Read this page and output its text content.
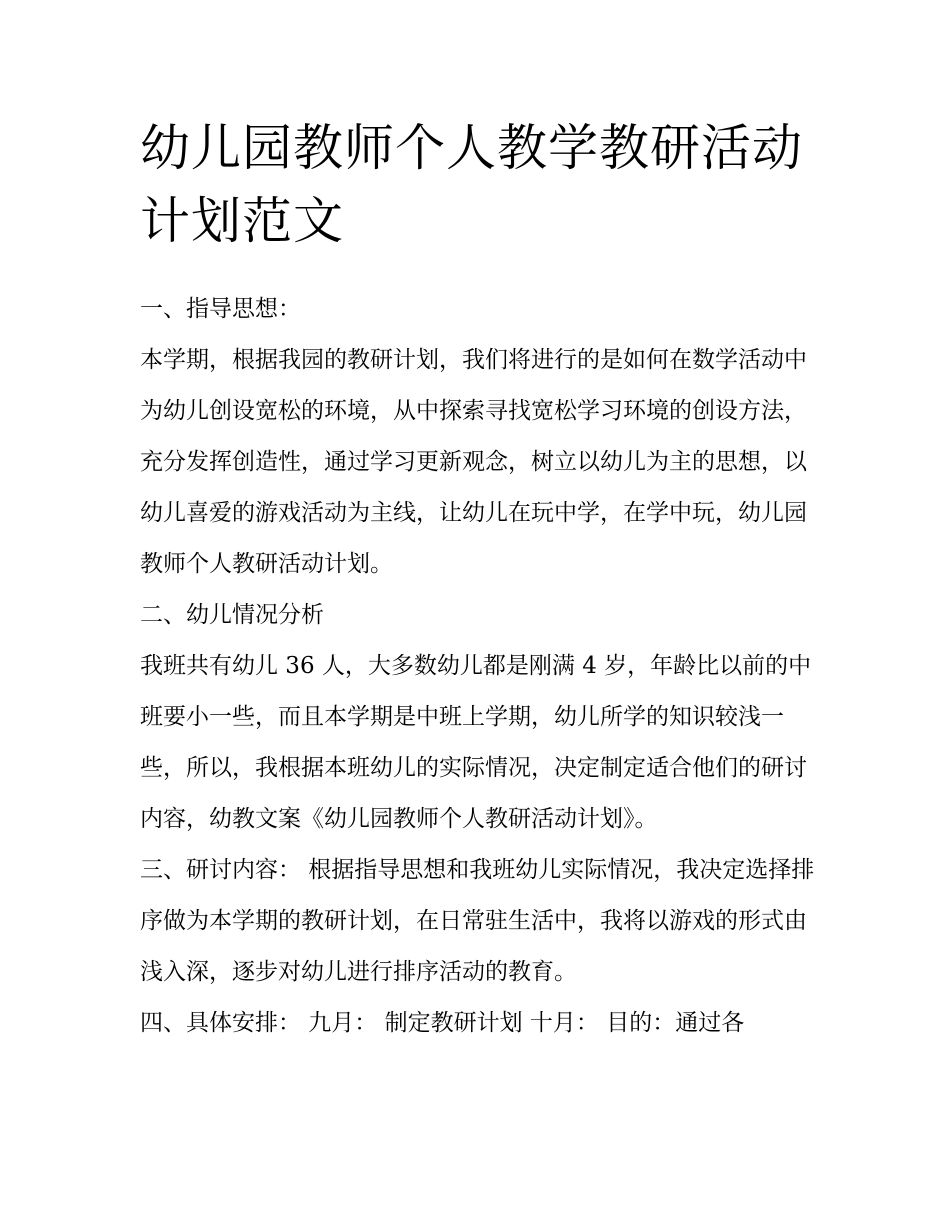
幼儿园教师个人教学教研活动计划范文

一、指导思想：

本学期，根据我园的教研计划，我们将进行的是如何在数学活动中为幼儿创设宽松的环境，从中探索寻找宽松学习环境的创设方法，充分发挥创造性，通过学习更新观念，树立以幼儿为主的思想，以幼儿喜爱的游戏活动为主线，让幼儿在玩中学，在学中玩，幼儿园教师个人教研活动计划。

二、幼儿情况分析

我班共有幼儿 36 人，大多数幼儿都是刚满 4 岁，年龄比以前的中班要小一些，而且本学期是中班上学期，幼儿所学的知识较浅一些，所以，我根据本班幼儿的实际情况，决定制定适合他们的研讨内容，幼教文案《幼儿园教师个人教研活动计划》。

三、研讨内容： 根据指导思想和我班幼儿实际情况，我决定选择排序做为本学期的教研计划，在日常驻生活中，我将以游戏的形式由浅入深，逐步对幼儿进行排序活动的教育。

四、具体安排： 九月： 制定教研计划 十月： 目的：通过各
